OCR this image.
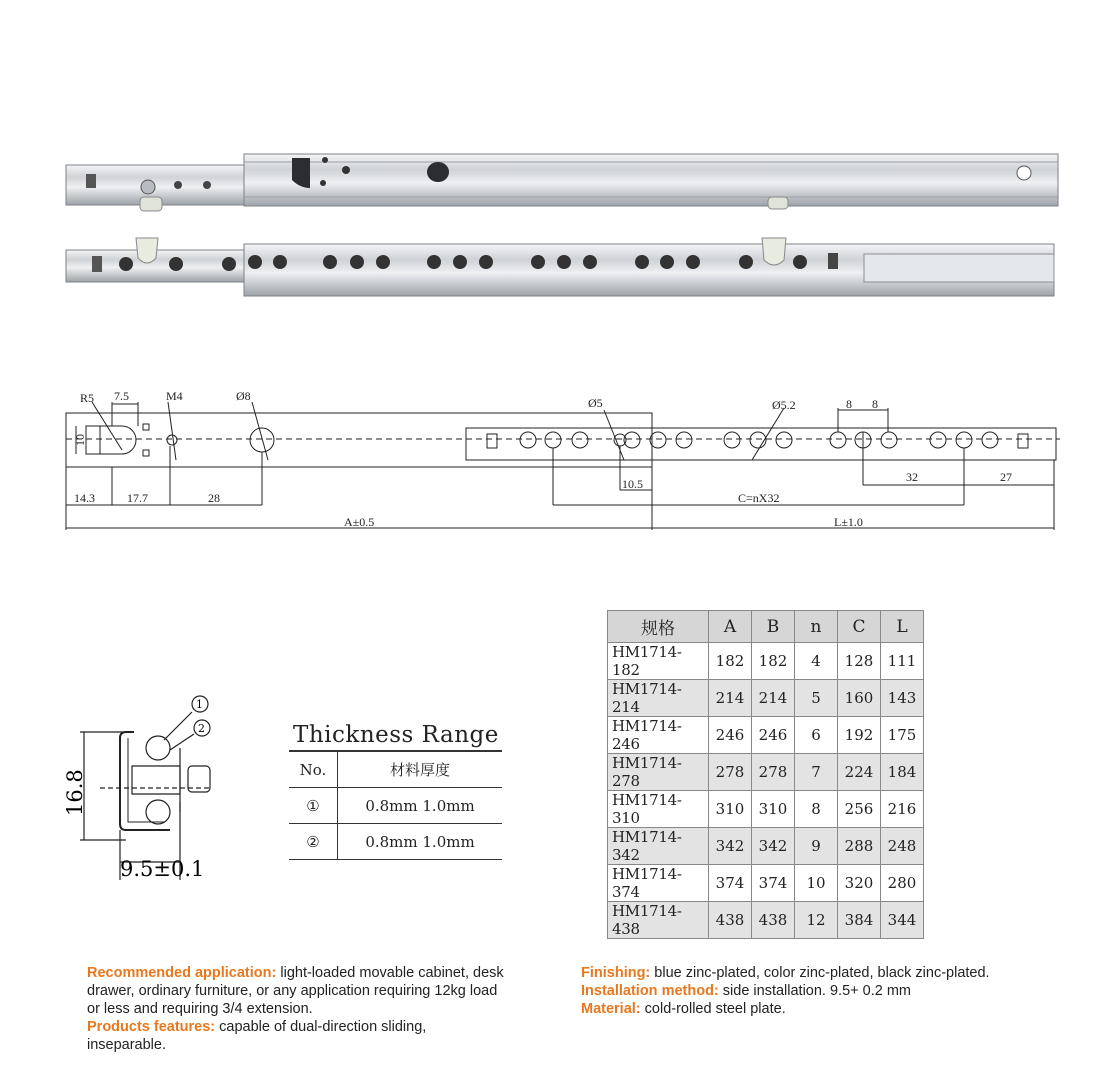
R5 7.5	M4	Ø8	Ø5	Ø5.2	8 8
10
14.3	17.7	28
10.5
C=nX32
32	27
A±0.5	L±1.0
1
2
16.8
9.5±0.1
Thickness Range
No.	材料厚度
①	0.8mm 1.0mm
②	0.8mm 1.0mm
规格	A	B	n	C	L
HM1714-182	182	182	4	128	111
HM1714-214	214	214	5	160	143
HM1714-246	246	246	6	192	175
HM1714-278	278	278	7	224	184
HM1714-310	310	310	8	256	216
HM1714-342	342	342	9	288	248
HM1714-374	374	374	10	320	280
HM1714-438	438	438	12	384	344
Recommended application: light-loaded movable cabinet, desk drawer, ordinary furniture, or any application requiring 12kg load or less and requiring 3/4 extension.
Products features: capable of dual-direction sliding, inseparable.
Finishing: blue zinc-plated, color zinc-plated, black zinc-plated.
Installation method: side installation. 9.5+ 0.2 mm
Material: cold-rolled steel plate.
